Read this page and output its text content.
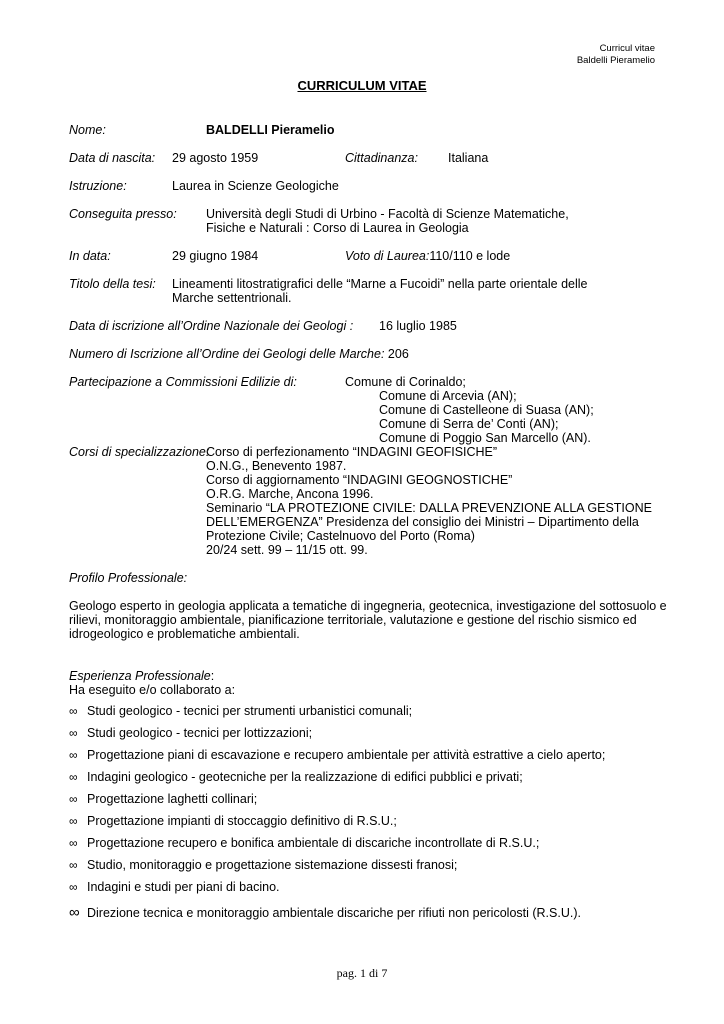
Curricul vitae
Baldelli Pieramelio
CURRICULUM VITAE
Nome:	BALDELLI Pieramelio
Data di nascita: 29 agosto 1959	Cittadinanza: Italiana
Istruzione:	Laurea in Scienze Geologiche
Conseguita presso: Università degli Studi di Urbino - Facoltà di Scienze Matematiche,
Fisiche e Naturali : Corso di Laurea in Geologia
In data:	29 giugno 1984	Voto di Laurea:110/110 e lode
Titolo della tesi: Lineamenti litostratigrafici delle “Marne a Fucoidi” nella parte orientale delle
Marche settentrionali.
Data di iscrizione all’Ordine Nazionale dei Geologi : 16 luglio 1985
Numero di Iscrizione all’Ordine dei Geologi delle Marche: 206
Partecipazione a Commissioni Edilizie di:	Comune di Corinaldo;
Comune di Arcevia (AN);
Comune di Castelleone di Suasa (AN);
Comune di Serra de’ Conti (AN);
Comune di Poggio San Marcello (AN).
Corsi di specializzazione:
Corso di perfezionamento “INDAGINI GEOFISICHE”
O.N.G., Benevento 1987.
Corso di aggiornamento “INDAGINI GEOGNOSTICHE”
O.R.G. Marche, Ancona 1996.
Seminario “LA PROTEZIONE CIVILE: DALLA PREVENZIONE ALLA GESTIONE
DELL’EMERGENZA” Presidenza del consiglio dei Ministri – Dipartimento della
Protezione Civile; Castelnuovo del Porto (Roma)
20/24 sett. 99 – 11/15 ott. 99.
Profilo Professionale:
Geologo esperto in geologia applicata a tematiche di ingegneria, geotecnica, investigazione del sottosuolo e
rilievi, monitoraggio ambientale, pianificazione territoriale, valutazione e gestione del rischio sismico ed
idrogeologico e problematiche ambientali.
Esperienza Professionale:
Ha eseguito e/o collaborato a:
∞ Studi geologico - tecnici per strumenti urbanistici comunali;
∞ Studi geologico - tecnici per lottizzazioni;
∞ Progettazione piani di escavazione e recupero ambientale per attività estrattive a cielo aperto;
∞ Indagini geologico - geotecniche per la realizzazione di edifici pubblici e privati;
∞ Progettazione laghetti collinari;
∞ Progettazione impianti di stoccaggio definitivo di R.S.U.;
∞ Progettazione recupero e bonifica ambientale di discariche incontrollate di R.S.U.;
∞ Studio, monitoraggio e progettazione sistemazione dissesti franosi;
∞ Indagini e studi per piani di bacino.
∞ Direzione tecnica e monitoraggio ambientale discariche per rifiuti non pericolosti (R.S.U.).
pag. 1 di 7
